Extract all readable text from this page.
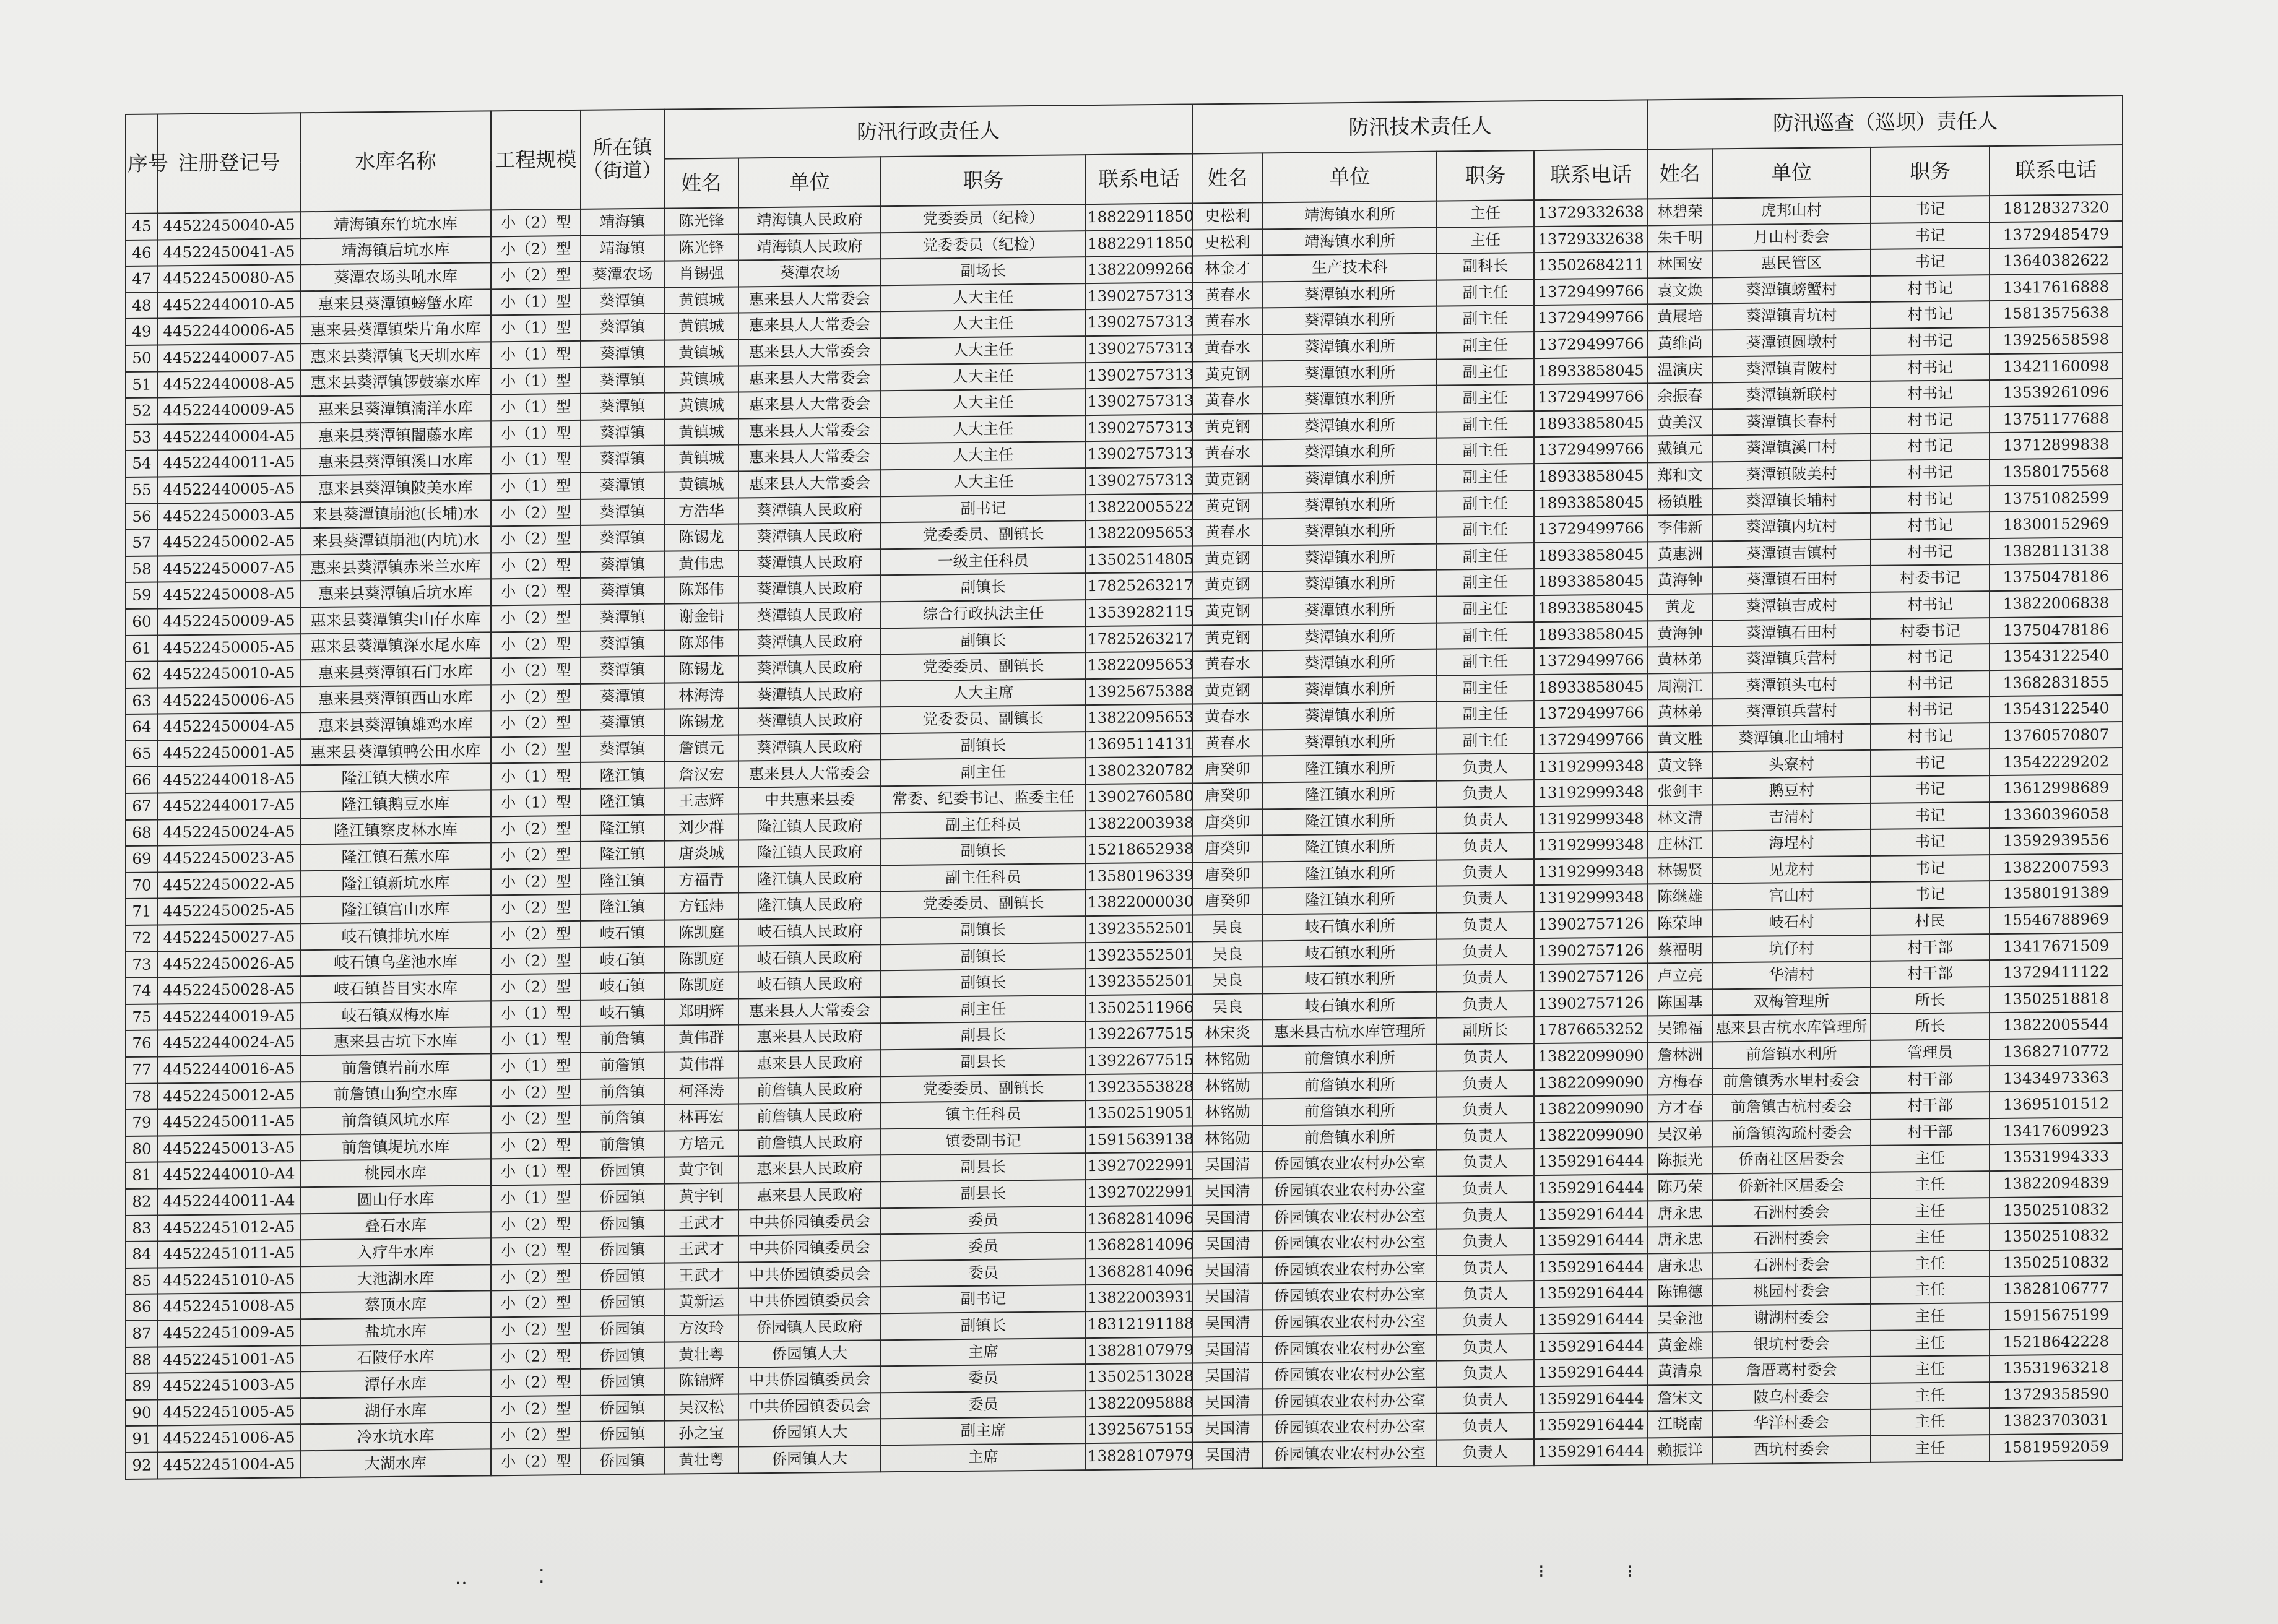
序号	注册登记号	水库名称	工程规模	所在镇（街道）	防汛行政责任人				防汛技术责任人				防汛巡查（巡坝）责任人			
					姓名	单位	职务	联系电话	姓名	单位	职务	联系电话	姓名	单位	职务	联系电话
45	44522450040-A5	靖海镇东竹坑水库	小（2）型	靖海镇	陈光锋	靖海镇人民政府	党委委员（纪检）	18822911850	史松利	靖海镇水利所	主任	13729332638	林碧荣	虎邦山村	书记	18128327320
46	44522450041-A5	靖海镇后坑水库	小（2）型	靖海镇	陈光锋	靖海镇人民政府	党委委员（纪检）	18822911850	史松利	靖海镇水利所	主任	13729332638	朱千明	月山村委会	书记	13729485479
47	44522450080-A5	葵潭农场头吼水库	小（2）型	葵潭农场	肖锡强	葵潭农场	副场长	13822099266	林金才	生产技术科	副科长	13502684211	林国安	惠民管区	书记	13640382622
48	44522440010-A5	惠来县葵潭镇螃蟹水库	小（1）型	葵潭镇	黄镇城	惠来县人大常委会	人大主任	13902757313	黄春水	葵潭镇水利所	副主任	13729499766	袁文焕	葵潭镇螃蟹村	村书记	13417616888
49	44522440006-A5	惠来县葵潭镇柴片角水库	小（1）型	葵潭镇	黄镇城	惠来县人大常委会	人大主任	13902757313	黄春水	葵潭镇水利所	副主任	13729499766	黄展培	葵潭镇青坑村	村书记	15813575638
50	44522440007-A5	惠来县葵潭镇飞天圳水库	小（1）型	葵潭镇	黄镇城	惠来县人大常委会	人大主任	13902757313	黄春水	葵潭镇水利所	副主任	13729499766	黄维尚	葵潭镇圆墩村	村书记	13925658598
51	44522440008-A5	惠来县葵潭镇锣鼓寨水库	小（1）型	葵潭镇	黄镇城	惠来县人大常委会	人大主任	13902757313	黄克钢	葵潭镇水利所	副主任	18933858045	温演庆	葵潭镇青陂村	村书记	13421160098
52	44522440009-A5	惠来县葵潭镇湳洋水库	小（1）型	葵潭镇	黄镇城	惠来县人大常委会	人大主任	13902757313	黄春水	葵潭镇水利所	副主任	13729499766	余振春	葵潭镇新联村	村书记	13539261096
53	44522440004-A5	惠来县葵潭镇闇藤水库	小（1）型	葵潭镇	黄镇城	惠来县人大常委会	人大主任	13902757313	黄克钢	葵潭镇水利所	副主任	18933858045	黄美汉	葵潭镇长春村	村书记	13751177688
54	44522440011-A5	惠来县葵潭镇溪口水库	小（1）型	葵潭镇	黄镇城	惠来县人大常委会	人大主任	13902757313	黄春水	葵潭镇水利所	副主任	13729499766	戴镇元	葵潭镇溪口村	村书记	13712899838
55	44522440005-A5	惠来县葵潭镇陂美水库	小（1）型	葵潭镇	黄镇城	惠来县人大常委会	人大主任	13902757313	黄克钢	葵潭镇水利所	副主任	18933858045	郑和文	葵潭镇陂美村	村书记	13580175568
56	44522450003-A5	来县葵潭镇崩池(长埔)水	小（2）型	葵潭镇	方浩华	葵潭镇人民政府	副书记	13822005522	黄克钢	葵潭镇水利所	副主任	18933858045	杨镇胜	葵潭镇长埔村	村书记	13751082599
57	44522450002-A5	来县葵潭镇崩池(内坑)水	小（2）型	葵潭镇	陈锡龙	葵潭镇人民政府	党委委员、副镇长	13822095653	黄春水	葵潭镇水利所	副主任	13729499766	李伟新	葵潭镇内坑村	村书记	18300152969
58	44522450007-A5	惠来县葵潭镇赤米兰水库	小（2）型	葵潭镇	黄伟忠	葵潭镇人民政府	一级主任科员	13502514805	黄克钢	葵潭镇水利所	副主任	18933858045	黄惠洲	葵潭镇吉镇村	村书记	13828113138
59	44522450008-A5	惠来县葵潭镇后坑水库	小（2）型	葵潭镇	陈郑伟	葵潭镇人民政府	副镇长	17825263217	黄克钢	葵潭镇水利所	副主任	18933858045	黄海钟	葵潭镇石田村	村委书记	13750478186
60	44522450009-A5	惠来县葵潭镇尖山仔水库	小（2）型	葵潭镇	谢金铅	葵潭镇人民政府	综合行政执法主任	13539282115	黄克钢	葵潭镇水利所	副主任	18933858045	黄龙	葵潭镇吉成村	村书记	13822006838
61	44522450005-A5	惠来县葵潭镇深水尾水库	小（2）型	葵潭镇	陈郑伟	葵潭镇人民政府	副镇长	17825263217	黄克钢	葵潭镇水利所	副主任	18933858045	黄海钟	葵潭镇石田村	村委书记	13750478186
62	44522450010-A5	惠来县葵潭镇石门水库	小（2）型	葵潭镇	陈锡龙	葵潭镇人民政府	党委委员、副镇长	13822095653	黄春水	葵潭镇水利所	副主任	13729499766	黄林弟	葵潭镇兵营村	村书记	13543122540
63	44522450006-A5	惠来县葵潭镇西山水库	小（2）型	葵潭镇	林海涛	葵潭镇人民政府	人大主席	13925675388	黄克钢	葵潭镇水利所	副主任	18933858045	周潮江	葵潭镇头屯村	村书记	13682831855
64	44522450004-A5	惠来县葵潭镇雄鸡水库	小（2）型	葵潭镇	陈锡龙	葵潭镇人民政府	党委委员、副镇长	13822095653	黄春水	葵潭镇水利所	副主任	13729499766	黄林弟	葵潭镇兵营村	村书记	13543122540
65	44522450001-A5	惠来县葵潭镇鸭公田水库	小（2）型	葵潭镇	詹镇元	葵潭镇人民政府	副镇长	13695114131	黄春水	葵潭镇水利所	副主任	13729499766	黄文胜	葵潭镇北山埔村	村书记	13760570807
66	44522440018-A5	隆江镇大横水库	小（1）型	隆江镇	詹汉宏	惠来县人大常委会	副主任	13802320782	唐癸卯	隆江镇水利所	负责人	13192999348	黄文锋	头寮村	书记	13542229202
67	44522440017-A5	隆江镇鹅豆水库	小（1）型	隆江镇	王志辉	中共惠来县委	常委、纪委书记、监委主任	13902760580	唐癸卯	隆江镇水利所	负责人	13192999348	张剑丰	鹅豆村	书记	13612998689
68	44522450024-A5	隆江镇察皮林水库	小（2）型	隆江镇	刘少群	隆江镇人民政府	副主任科员	13822003938	唐癸卯	隆江镇水利所	负责人	13192999348	林文清	吉清村	书记	13360396058
69	44522450023-A5	隆江镇石蕉水库	小（2）型	隆江镇	唐炎城	隆江镇人民政府	副镇长	15218652938	唐癸卯	隆江镇水利所	负责人	13192999348	庄林江	海埕村	书记	13592939556
70	44522450022-A5	隆江镇新坑水库	小（2）型	隆江镇	方福青	隆江镇人民政府	副主任科员	13580196339	唐癸卯	隆江镇水利所	负责人	13192999348	林锡贤	见龙村	书记	13822007593
71	44522450025-A5	隆江镇宫山水库	小（2）型	隆江镇	方钰炜	隆江镇人民政府	党委委员、副镇长	13822000030	唐癸卯	隆江镇水利所	负责人	13192999348	陈继雄	宫山村	书记	13580191389
72	44522450027-A5	岐石镇排坑水库	小（2）型	岐石镇	陈凯庭	岐石镇人民政府	副镇长	13923552501	吴良	岐石镇水利所	负责人	13902757126	陈荣坤	岐石村	村民	15546788969
73	44522450026-A5	岐石镇乌垄池水库	小（2）型	岐石镇	陈凯庭	岐石镇人民政府	副镇长	13923552501	吴良	岐石镇水利所	负责人	13902757126	蔡福明	坑仔村	村干部	13417671509
74	44522450028-A5	岐石镇苔目实水库	小（2）型	岐石镇	陈凯庭	岐石镇人民政府	副镇长	13923552501	吴良	岐石镇水利所	负责人	13902757126	卢立亮	华清村	村干部	13729411122
75	44522440019-A5	岐石镇双梅水库	小（1）型	岐石镇	郑明辉	惠来县人大常委会	副主任	13502511966	吴良	岐石镇水利所	负责人	13902757126	陈国基	双梅管理所	所长	13502518818
76	44522440024-A5	惠来县古坑下水库	小（1）型	前詹镇	黄伟群	惠来县人民政府	副县长	13922677515	林宋炎	惠来县古杭水库管理所	副所长	17876653252	吴锦福	惠来县古杭水库管理所	所长	13822005544
77	44522440016-A5	前詹镇岩前水库	小（1）型	前詹镇	黄伟群	惠来县人民政府	副县长	13922677515	林铭勋	前詹镇水利所	负责人	13822099090	詹林洲	前詹镇水利所	管理员	13682710772
78	44522450012-A5	前詹镇山狗空水库	小（2）型	前詹镇	柯泽涛	前詹镇人民政府	党委委员、副镇长	13923553828	林铭勋	前詹镇水利所	负责人	13822099090	方梅春	前詹镇秀水里村委会	村干部	13434973363
79	44522450011-A5	前詹镇风坑水库	小（2）型	前詹镇	林再宏	前詹镇人民政府	镇主任科员	13502519051	林铭勋	前詹镇水利所	负责人	13822099090	方才春	前詹镇古杭村委会	村干部	13695101512
80	44522450013-A5	前詹镇堤坑水库	小（2）型	前詹镇	方培元	前詹镇人民政府	镇委副书记	15915639138	林铭勋	前詹镇水利所	负责人	13822099090	吴汉弟	前詹镇沟疏村委会	村干部	13417609923
81	44522440010-A4	桃园水库	小（1）型	侨园镇	黄宇钊	惠来县人民政府	副县长	13927022991	吴国清	侨园镇农业农村办公室	负责人	13592916444	陈振光	侨南社区居委会	主任	13531994333
82	44522440011-A4	圆山仔水库	小（1）型	侨园镇	黄宇钊	惠来县人民政府	副县长	13927022991	吴国清	侨园镇农业农村办公室	负责人	13592916444	陈乃荣	侨新社区居委会	主任	13822094839
83	44522451012-A5	叠石水库	小（2）型	侨园镇	王武才	中共侨园镇委员会	委员	13682814096	吴国清	侨园镇农业农村办公室	负责人	13592916444	唐永忠	石洲村委会	主任	13502510832
84	44522451011-A5	入疗牛水库	小（2）型	侨园镇	王武才	中共侨园镇委员会	委员	13682814096	吴国清	侨园镇农业农村办公室	负责人	13592916444	唐永忠	石洲村委会	主任	13502510832
85	44522451010-A5	大池湖水库	小（2）型	侨园镇	王武才	中共侨园镇委员会	委员	13682814096	吴国清	侨园镇农业农村办公室	负责人	13592916444	唐永忠	石洲村委会	主任	13502510832
86	44522451008-A5	蔡顶水库	小（2）型	侨园镇	黄新运	中共侨园镇委员会	副书记	13822003931	吴国清	侨园镇农业农村办公室	负责人	13592916444	陈锦德	桃园村委会	主任	13828106777
87	44522451009-A5	盐坑水库	小（2）型	侨园镇	方汝玲	侨园镇人民政府	副镇长	18312191188	吴国清	侨园镇农业农村办公室	负责人	13592916444	吴金池	谢湖村委会	主任	15915675199
88	44522451001-A5	石陂仔水库	小（2）型	侨园镇	黄壮粤	侨园镇人大	主席	13828107979	吴国清	侨园镇农业农村办公室	负责人	13592916444	黄金雄	银坑村委会	主任	15218642228
89	44522451003-A5	潭仔水库	小（2）型	侨园镇	陈锦辉	中共侨园镇委员会	委员	13502513028	吴国清	侨园镇农业农村办公室	负责人	13592916444	黄清泉	詹厝葛村委会	主任	13531963218
90	44522451005-A5	湖仔水库	小（2）型	侨园镇	吴汉松	中共侨园镇委员会	委员	13822095888	吴国清	侨园镇农业农村办公室	负责人	13592916444	詹宋文	陂乌村委会	主任	13729358590
91	44522451006-A5	冷水坑水库	小（2）型	侨园镇	孙之宝	侨园镇人大	副主席	13925675155	吴国清	侨园镇农业农村办公室	负责人	13592916444	江晓南	华洋村委会	主任	13823703031
92	44522451004-A5	大湖水库	小（2）型	侨园镇	黄壮粤	侨园镇人大	主席	13828107979	吴国清	侨园镇农业农村办公室	负责人	13592916444	赖振详	西坑村委会	主任	15819592059
‥	⁚	⁝	⁝
